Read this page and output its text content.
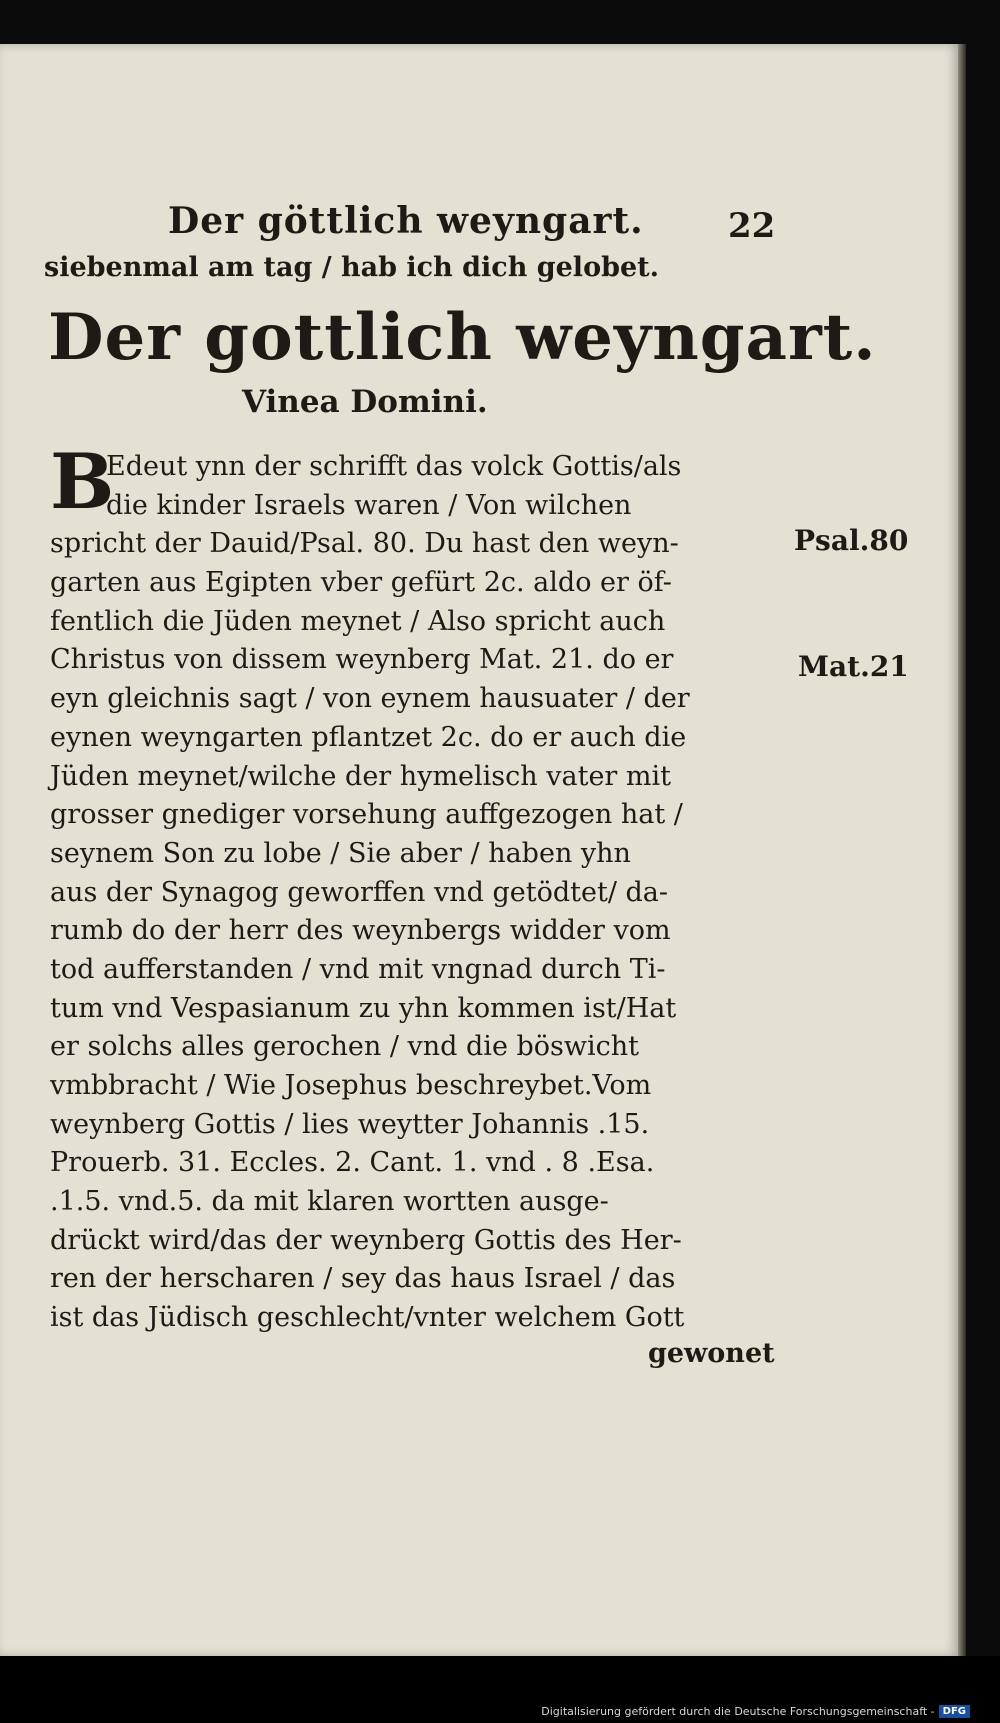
Der göttlich weyngart. 22
siebenmal am tag / hab ich dich gelobet.
Der gottlich weyngart.
Vinea Domini.
B
Edeut ynn der schrifft das volck Gottis/als
die kinder Israels waren / Von wilchen
spricht der Dauid/Psal. 80. Du hast den weyn-
garten aus Egipten vber gefürt 2c. aldo er öf-
fentlich die Jüden meynet / Also spricht auch
Christus von dissem weynberg Mat. 21. do er
eyn gleichnis sagt / von eynem hausuater / der
eynen weyngarten pflantzet 2c. do er auch die
Jüden meynet/wilche der hymelisch vater mit
grosser gnediger vorsehung auffgezogen hat /
seynem Son zu lobe / Sie aber / haben yhn
aus der Synagog geworffen vnd getödtet/ da-
rumb do der herr des weynbergs widder vom
tod aufferstanden / vnd mit vngnad durch Ti-
tum vnd Vespasianum zu yhn kommen ist/Hat
er solchs alles gerochen / vnd die böswicht
vmbbracht / Wie Josephus beschreybet.Vom
weynberg Gottis / lies weytter Johannis .15.
Prouerb. 31. Eccles. 2. Cant. 1. vnd . 8 .Esa.
.1.5. vnd.5. da mit klaren wortten ausge-
drückt wird/das der weynberg Gottis des Her-
ren der herscharen / sey das haus Israel / das
ist das Jüdisch geschlecht/vnter welchem Gott
gewonet
Psal.80
Mat.21
Digitalisierung gefördert durch die Deutsche Forschungsgemeinschaft - DFG
